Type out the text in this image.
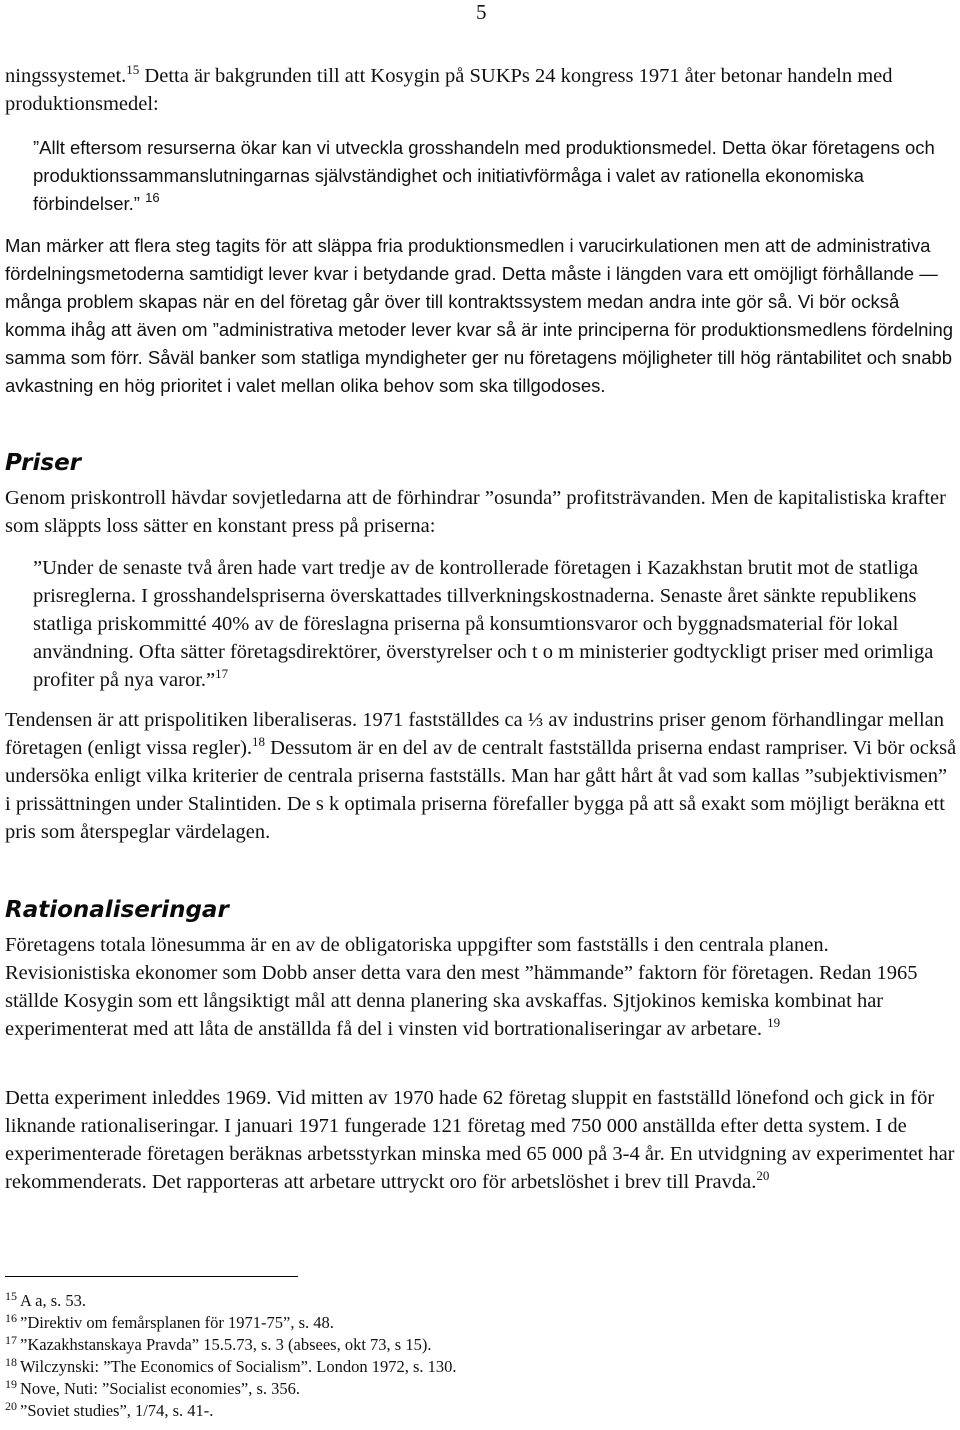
5
ningssystemet.$^{15}$ Detta är bakgrunden till att Kosygin på SUKPs 24 kongress 1971 åter betonar handeln med produktionsmedel:
”Allt eftersom resurserna ökar kan vi utveckla grosshandeln med produktionsmedel. Detta ökar företagens och produktionssammanslutningarnas självständighet och initiativförmåga i valet av rationella ekonomiska förbindelser.” $^{16}$
Man märker att flera steg tagits för att släppa fria produktionsmedlen i varucirkulationen men att de administrativa fördelningsmetoderna samtidigt lever kvar i betydande grad. Detta måste i längden vara ett omöjligt förhållande — många problem skapas när en del företag går över till kontraktssystem medan andra inte gör så. Vi bör också komma ihåg att även om ”administrativa metoder lever kvar så är inte principerna för produktionsmedlens fördelning samma som förr. Såväl banker som statliga myndigheter ger nu företagens möjligheter till hög räntabilitet och snabb avkastning en hög prioritet i valet mellan olika behov som ska tillgodoses.
Priser
Genom priskontroll hävdar sovjetledarna att de förhindrar ”osunda” profitsträvanden. Men de kapitalistiska krafter som släppts loss sätter en konstant press på priserna:
”Under de senaste två åren hade vart tredje av de kontrollerade företagen i Kazakhstan brutit mot de statliga prisreglerna. I grosshandelspriserna överskattades tillverkningskostnaderna. Senaste året sänkte republikens statliga priskommitté 40% av de föreslagna priserna på konsumtionsvaror och byggnadsmaterial för lokal användning. Ofta sätter företagsdirektörer, överstyrelser och t o m ministerier godtyckligt priser med orimliga profiter på nya varor.”$^{17}$
Tendensen är att prispolitiken liberaliseras. 1971 fastställdes ca ⅓ av industrins priser genom förhandlingar mellan företagen (enligt vissa regler).$^{18}$ Dessutom är en del av de centralt fastställda priserna endast rampriser. Vi bör också undersöka enligt vilka kriterier de centrala priserna fastställs. Man har gått hårt åt vad som kallas ”subjektivismen” i prissättningen under Stalintiden. De s k optimala priserna förefaller bygga på att så exakt som möjligt beräkna ett pris som återspeglar värdelagen.
Rationaliseringar
Företagens totala lönesumma är en av de obligatoriska uppgifter som fastställs i den centrala planen. Revisionistiska ekonomer som Dobb anser detta vara den mest ”hämmande” faktorn för företagen. Redan 1965 ställde Kosygin som ett långsiktigt mål att denna planering ska avskaffas. Sjtjokinos kemiska kombinat har experimenterat med att låta de anställda få del i vinsten vid bortrationaliseringar av arbetare. $^{19}$
Detta experiment inleddes 1969. Vid mitten av 1970 hade 62 företag sluppit en fastställd lönefond och gick in för liknande rationaliseringar. I januari 1971 fungerade 121 företag med 750 000 anställda efter detta system. I de experimenterade företagen beräknas arbetsstyrkan minska med 65 000 på 3-4 år. En utvidgning av experimentet har rekommenderats. Det rapporteras att arbetare uttryckt oro för arbetslöshet i brev till Pravda.$^{20}$
$^{15}$ A a, s. 53.
$^{16}$ ”Direktiv om femårsplanen för 1971-75”, s. 48.
$^{17}$ ”Kazakhstanskaya Pravda” 15.5.73, s. 3 (absees, okt 73, s 15).
$^{18}$ Wilczynski: ”The Economics of Socialism”. London 1972, s. 130.
$^{19}$ Nove, Nuti: ”Socialist economies”, s. 356.
$^{20}$ ”Soviet studies”, 1/74, s. 41-.
